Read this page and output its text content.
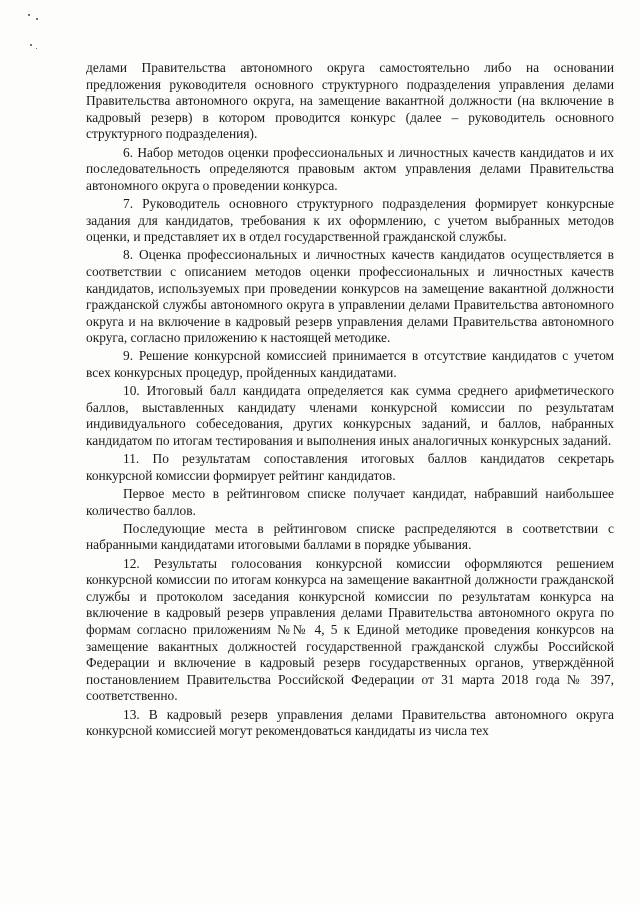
делами Правительства автономного округа самостоятельно либо на основании предложения руководителя основного структурного подразделения управления делами Правительства автономного округа, на замещение вакантной должности (на включение в кадровый резерв) в котором проводится конкурс (далее – руководитель основного структурного подразделения).

6. Набор методов оценки профессиональных и личностных качеств кандидатов и их последовательность определяются правовым актом управления делами Правительства автономного округа о проведении конкурса.

7. Руководитель основного структурного подразделения формирует конкурсные задания для кандидатов, требования к их оформлению, с учетом выбранных методов оценки, и представляет их в отдел государственной гражданской службы.

8. Оценка профессиональных и личностных качеств кандидатов осуществляется в соответствии с описанием методов оценки профессиональных и личностных качеств кандидатов, используемых при проведении конкурсов на замещение вакантной должности гражданской службы автономного округа в управлении делами Правительства автономного округа и на включение в кадровый резерв управления делами Правительства автономного округа, согласно приложению к настоящей методике.

9. Решение конкурсной комиссией принимается в отсутствие кандидатов с учетом всех конкурсных процедур, пройденных кандидатами.

10. Итоговый балл кандидата определяется как сумма среднего арифметического баллов, выставленных кандидату членами конкурсной комиссии по результатам индивидуального собеседования, других конкурсных заданий, и баллов, набранных кандидатом по итогам тестирования и выполнения иных аналогичных конкурсных заданий.

11. По результатам сопоставления итоговых баллов кандидатов секретарь конкурсной комиссии формирует рейтинг кандидатов.

Первое место в рейтинговом списке получает кандидат, набравший наибольшее количество баллов.

Последующие места в рейтинговом списке распределяются в соответствии с набранными кандидатами итоговыми баллами в порядке убывания.

12. Результаты голосования конкурсной комиссии оформляются решением конкурсной комиссии по итогам конкурса на замещение вакантной должности гражданской службы и протоколом заседания конкурсной комиссии по результатам конкурса на включение в кадровый резерв управления делами Правительства автономного округа по формам согласно приложениям №№ 4, 5 к Единой методике проведения конкурсов на замещение вакантных должностей государственной гражданской службы Российской Федерации и включение в кадровый резерв государственных органов, утверждённой постановлением Правительства Российской Федерации от 31 марта 2018 года № 397, соответственно.

13. В кадровый резерв управления делами Правительства автономного округа конкурсной комиссией могут рекомендоваться кандидаты из числа тех
